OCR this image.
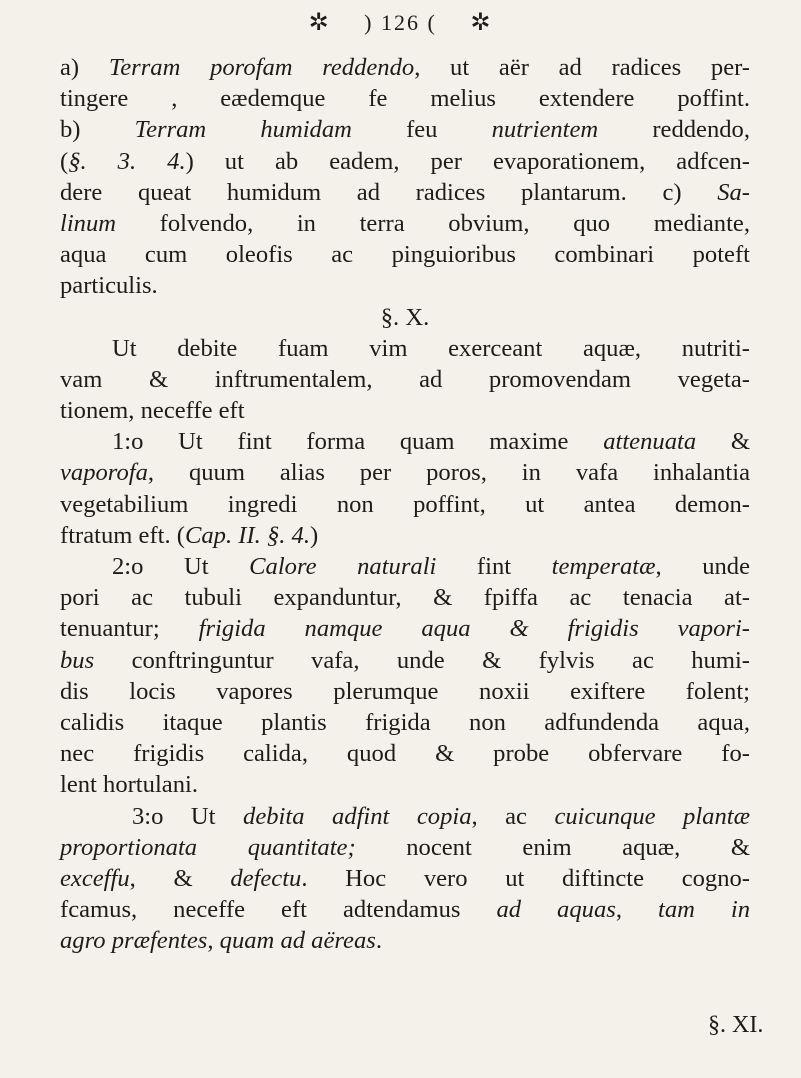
✲ ) 126 ( ✲
a) Terram porofam reddendo, ut aër ad radices per-
tingere , eædemque fe melius extendere poffint.
b) Terram humidam feu nutrientem reddendo,
(§. 3. 4.) ut ab eadem, per evaporationem, adfcen-
dere queat humidum ad radices plantarum. c) Sa-
linum folvendo, in terra obvium, quo mediante,
aqua cum oleofis ac pinguioribus combinari poteft
particulis.
§. X.
Ut debite fuam vim exerceant aquæ, nutriti-
vam & inftrumentalem, ad promovendam vegeta-
tionem, neceffe eft
1:o Ut fint forma quam maxime attenuata &
vaporofa, quum alias per poros, in vafa inhalantia
vegetabilium ingredi non poffint, ut antea demon-
ftratum eft. (Cap. II. §. 4.)
2:o Ut Calore naturali fint temperatæ, unde
pori ac tubuli expanduntur, & fpiffa ac tenacia at-
tenuantur; frigida namque aqua & frigidis vapori-
bus conftringuntur vafa, unde & fylvis ac humi-
dis locis vapores plerumque noxii exiftere folent;
calidis itaque plantis frigida non adfundenda aqua,
nec frigidis calida, quod & probe obfervare fo-
lent hortulani.
3:o Ut debita adfint copia, ac cuicunque plantæ
proportionata quantitate; nocent enim aquæ, &
exceffu, & defectu. Hoc vero ut diftincte cogno-
fcamus, neceffe eft adtendamus ad aquas, tam in
agro præfentes, quam ad aëreas.
§. XI.
